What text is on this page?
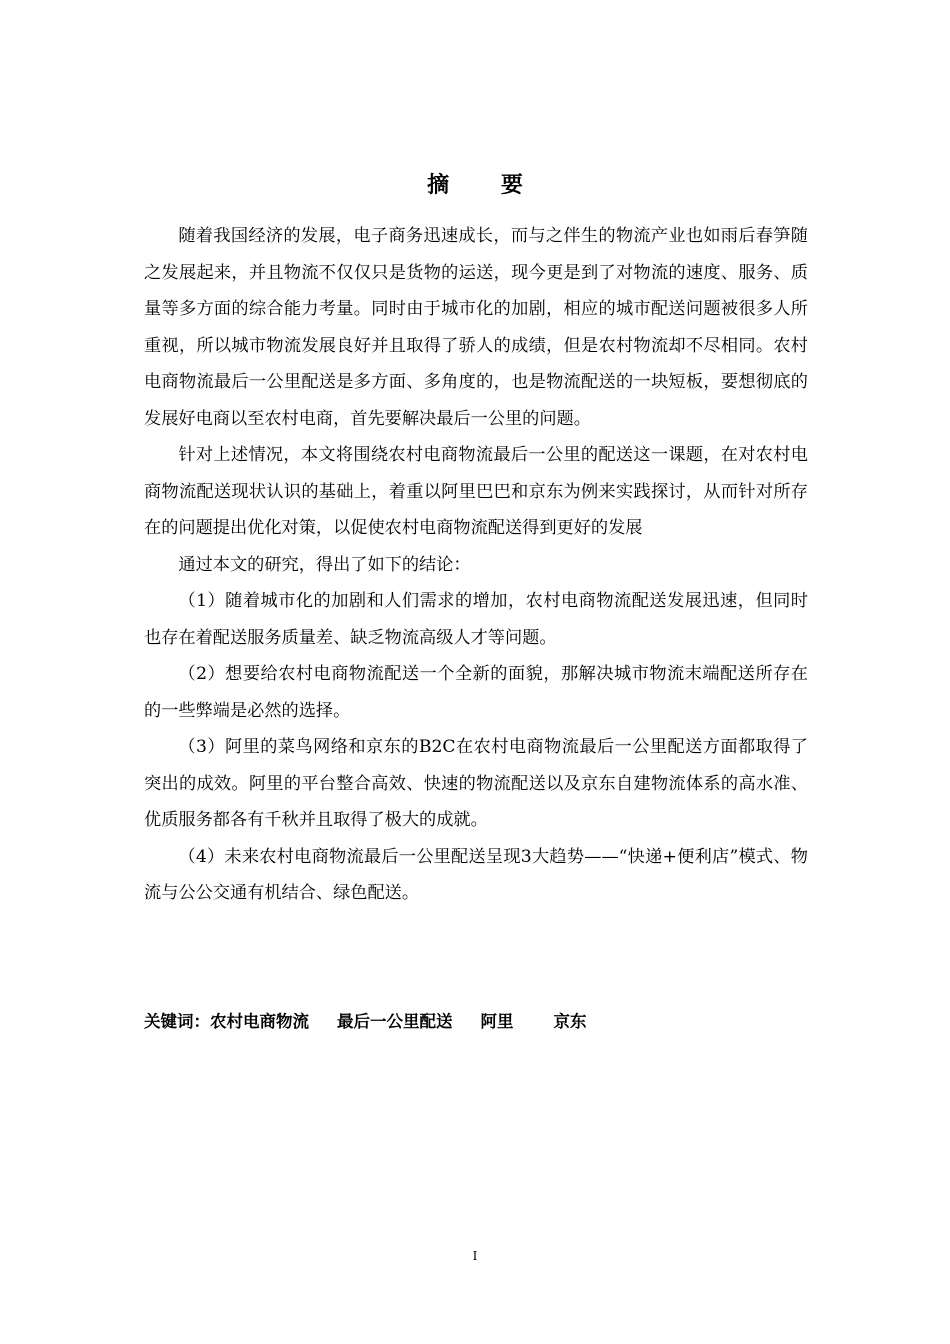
摘 要

随着我国经济的发展，电子商务迅速成长，而与之伴生的物流产业也如雨后春笋随之发展起来，并且物流不仅仅只是货物的运送，现今更是到了对物流的速度、服务、质量等多方面的综合能力考量。同时由于城市化的加剧，相应的城市配送问题被很多人所重视，所以城市物流发展良好并且取得了骄人的成绩，但是农村物流却不尽相同。农村电商物流最后一公里配送是多方面、多角度的，也是物流配送的一块短板，要想彻底的发展好电商以至农村电商，首先要解决最后一公里的问题。

针对上述情况，本文将围绕农村电商物流最后一公里的配送这一课题，在对农村电商物流配送现状认识的基础上，着重以阿里巴巴和京东为例来实践探讨，从而针对所存在的问题提出优化对策，以促使农村电商物流配送得到更好的发展

通过本文的研究，得出了如下的结论：

（1）随着城市化的加剧和人们需求的增加，农村电商物流配送发展迅速，但同时也存在着配送服务质量差、缺乏物流高级人才等问题。

（2）想要给农村电商物流配送一个全新的面貌，那解决城市物流末端配送所存在的一些弊端是必然的选择。

（3）阿里的菜鸟网络和京东的B2C在农村电商物流最后一公里配送方面都取得了突出的成效。阿里的平台整合高效、快速的物流配送以及京东自建物流体系的高水准、优质服务都各有千秋并且取得了极大的成就。

（4）未来农村电商物流最后一公里配送呈现3大趋势——“快递+便利店”模式、物流与公公交通有机结合、绿色配送。

关键词：农村电商物流 最后一公里配送 阿里 京东
I
